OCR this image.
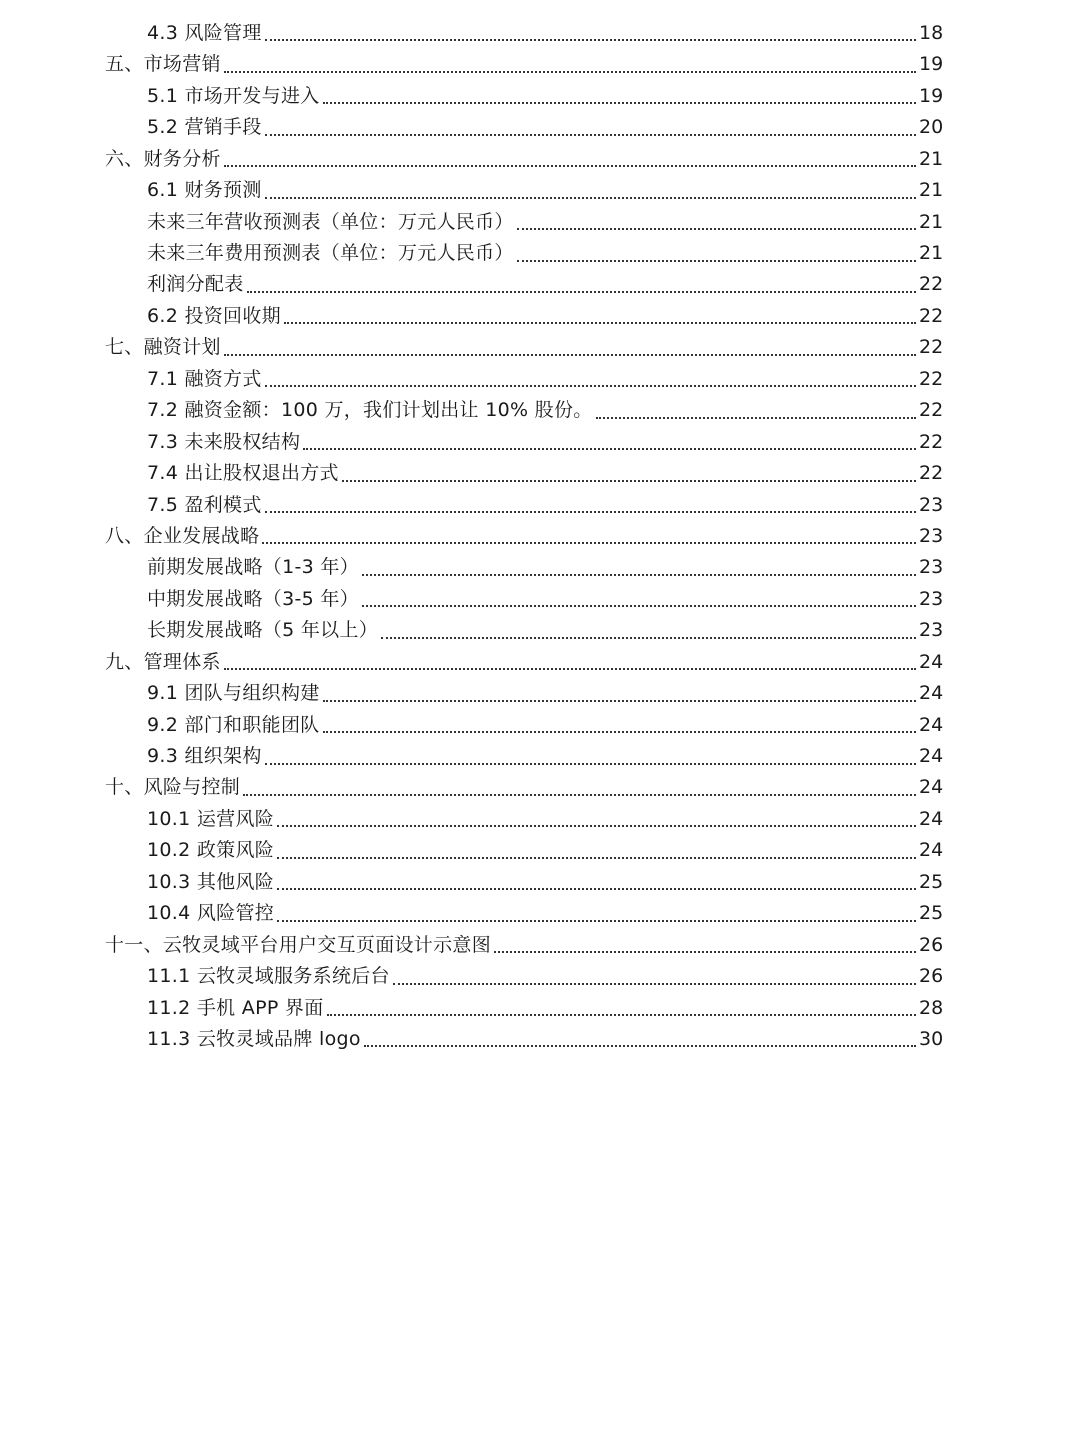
4.3 风险管理	18
五、市场营销	19
5.1 市场开发与进入	19
5.2 营销手段	20
六、财务分析	21
6.1 财务预测	21
未来三年营收预测表（单位：万元人民币）	21
未来三年费用预测表（单位：万元人民币）	21
利润分配表	22
6.2 投资回收期	22
七、融资计划	22
7.1 融资方式	22
7.2 融资金额：100 万，我们计划出让 10% 股份。	22
7.3 未来股权结构	22
7.4 出让股权退出方式	22
7.5 盈利模式	23
八、企业发展战略	23
前期发展战略（1-3 年）	23
中期发展战略（3-5 年）	23
长期发展战略（5 年以上）	23
九、管理体系	24
9.1 团队与组织构建	24
9.2 部门和职能团队	24
9.3 组织架构	24
十、风险与控制	24
10.1 运营风险	24
10.2 政策风险	24
10.3 其他风险	25
10.4 风险管控	25
十一、云牧灵域平台用户交互页面设计示意图	26
11.1 云牧灵域服务系统后台	26
11.2 手机 APP 界面	28
11.3 云牧灵域品牌 logo	30
